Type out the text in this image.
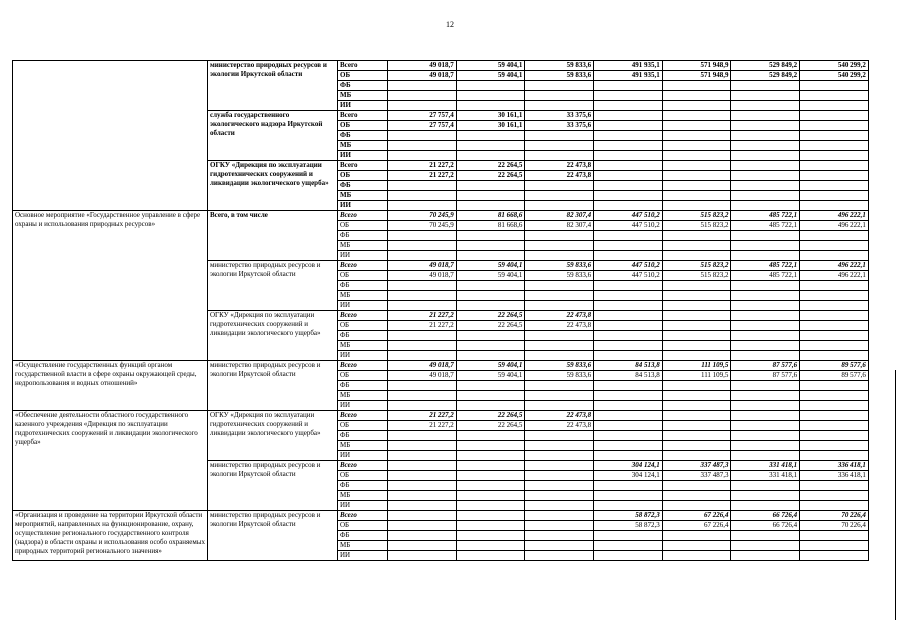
12
	министерство природных ресурсов и экологии Иркутской области	Всего	49 018,7	59 404,1	59 833,6	491 935,1	571 948,9	529 849,2	540 299,2
		ОБ	49 018,7	59 404,1	59 833,6	491 935,1	571 948,9	529 849,2	540 299,2
		ФБ							
		МБ							
		ИИ							
	служба государственного экологического надзора Иркутской области	Всего	27 757,4	30 161,1	33 375,6				
		ОБ	27 757,4	30 161,1	33 375,6				
		ФБ							
		МБ							
		ИИ							
	ОГКУ «Дирекция по эксплуатации гидротехнических сооружений и ликвидации экологического ущерба»	Всего	21 227,2	22 264,5	22 473,8				
		ОБ	21 227,2	22 264,5	22 473,8				
		ФБ							
		МБ							
		ИИ							
Основное мероприятие «Государственное управление в сфере охраны и использования природных ресурсов»	Всего, в том числе	Всего	70 245,9	81 668,6	82 307,4	447 510,2	515 823,2	485 722,1	496 222,1
		ОБ	70 245,9	81 668,6	82 307,4	447 510,2	515 823,2	485 722,1	496 222,1
		ФБ							
		МБ							
		ИИ							
	министерство природных ресурсов и экологии Иркутской области	Всего	49 018,7	59 404,1	59 833,6	447 510,2	515 823,2	485 722,1	496 222,1
		ОБ	49 018,7	59 404,1	59 833,6	447 510,2	515 823,2	485 722,1	496 222,1
		ФБ							
		МБ							
		ИИ							
	ОГКУ «Дирекция по эксплуатации гидротехнических сооружений и ликвидации экологического ущерба»	Всего	21 227,2	22 264,5	22 473,8				
		ОБ	21 227,2	22 264,5	22 473,8				
		ФБ							
		МБ							
		ИИ							
«Осуществление государственных функций органом государственной власти в сфере охраны окружающей среды, недропользования и водных отношений»	министерство природных ресурсов и экологии Иркутской области	Всего	49 018,7	59 404,1	59 833,6	84 513,8	111 109,5	87 577,6	89 577,6
		ОБ	49 018,7	59 404,1	59 833,6	84 513,8	111 109,5	87 577,6	89 577,6
		ФБ							
		МБ							
		ИИ							
«Обеспечение деятельности областного государственного казенного учреждения «Дирекция по эксплуатации гидротехнических сооружений и ликвидации экологического ущерба»	ОГКУ «Дирекция по эксплуатации гидротехнических сооружений и ликвидации экологического ущерба»	Всего	21 227,2	22 264,5	22 473,8				
		ОБ	21 227,2	22 264,5	22 473,8				
		ФБ							
		МБ							
		ИИ							
	министерство природных ресурсов и экологии Иркутской области	Всего				304 124,1	337 487,3	331 418,1	336 418,1
		ОБ				304 124,1	337 487,3	331 418,1	336 418,1
		ФБ							
		МБ							
		ИИ							
«Организация и проведение на территории Иркутской области мероприятий, направленных на функционирование, охрану, осуществление регионального государственного контроля (надзора) в области охраны и использования особо охраняемых природных территорий регионального значения»	министерство природных ресурсов и экологии Иркутской области	Всего				58 872,3	67 226,4	66 726,4	70 226,4
		ОБ				58 872,3	67 226,4	66 726,4	70 226,4
		ФБ							
		МБ							
		ИИ							
